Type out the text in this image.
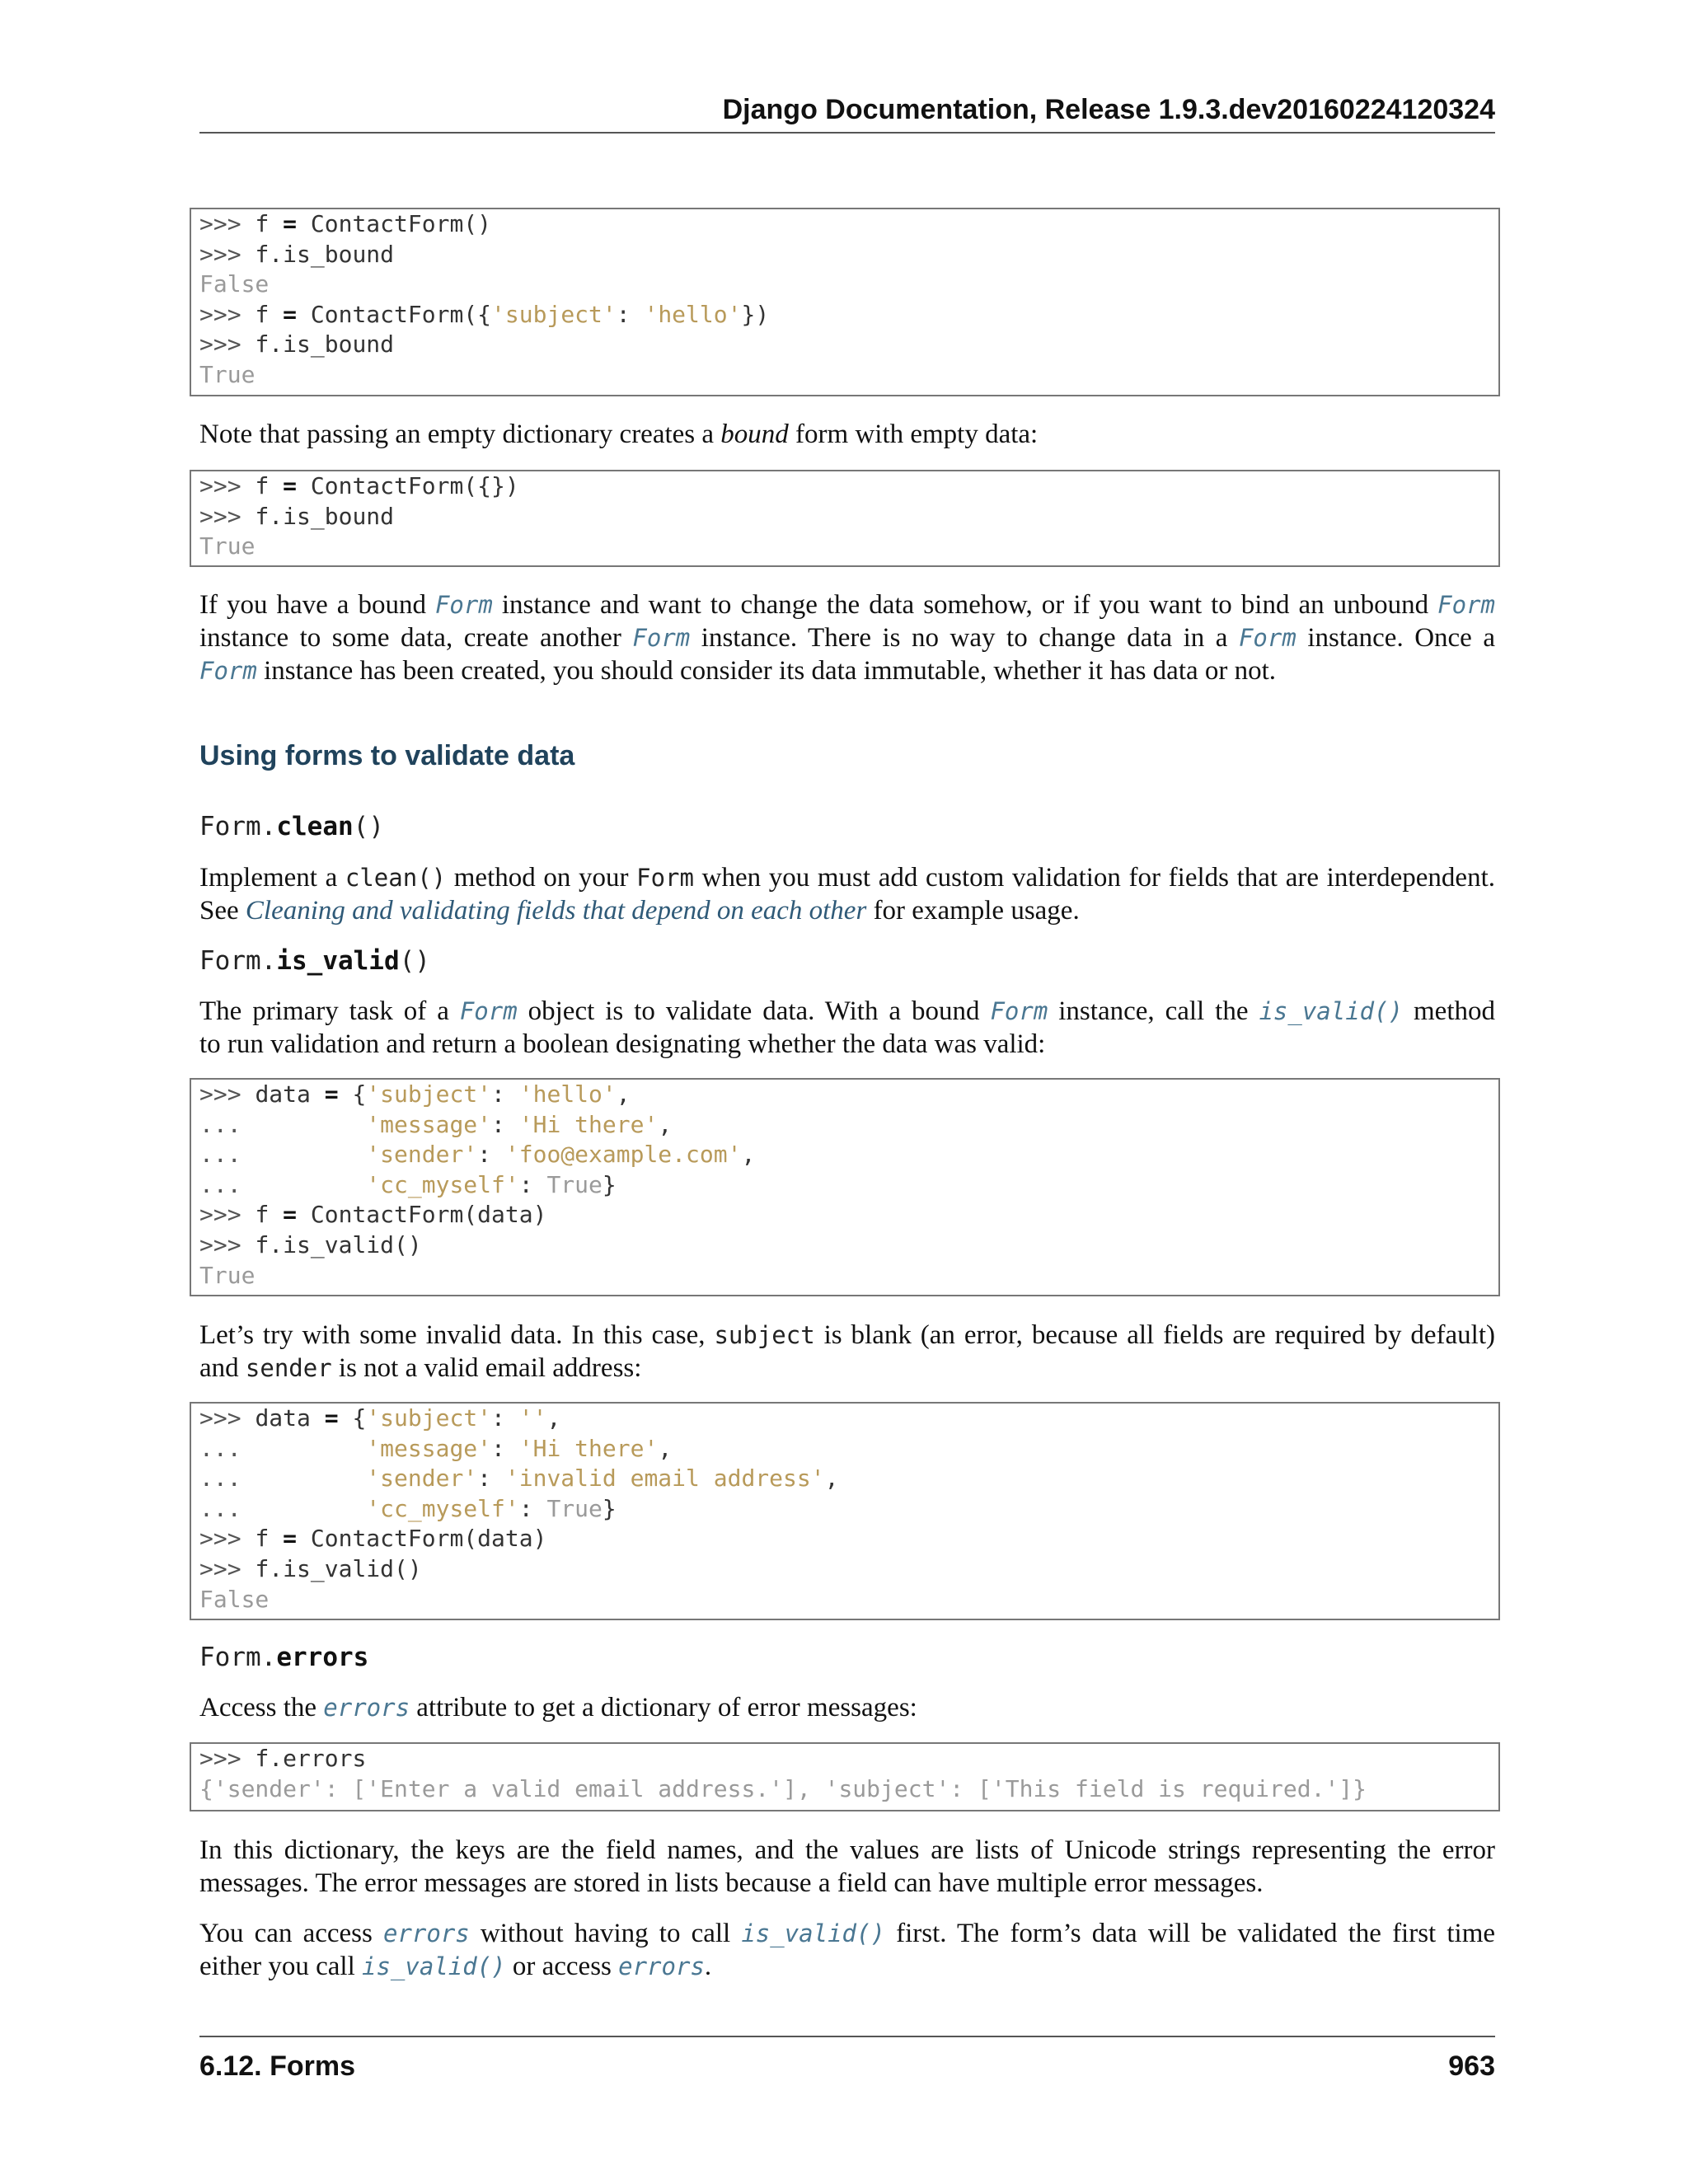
Django Documentation, Release 1.9.3.dev20160224120324
>>> f = ContactForm()
>>> f.is_bound
False
>>> f = ContactForm({'subject': 'hello'})
>>> f.is_bound
True
Note that passing an empty dictionary creates a bound form with empty data:
>>> f = ContactForm({})
>>> f.is_bound
True
If you have a bound Form instance and want to change the data somehow, or if you want to bind an unbound Form
instance to some data, create another Form instance. There is no way to change data in a Form instance. Once a
Form instance has been created, you should consider its data immutable, whether it has data or not.
Using forms to validate data
Form.clean()
Implement a clean() method on your Form when you must add custom validation for fields that are interdependent.
See Cleaning and validating fields that depend on each other for example usage.
Form.is_valid()
The primary task of a Form object is to validate data. With a bound Form instance, call the is_valid() method
to run validation and return a boolean designating whether the data was valid:
>>> data = {'subject': 'hello',
...         'message': 'Hi there',
...         'sender': 'foo@example.com',
...         'cc_myself': True}
>>> f = ContactForm(data)
>>> f.is_valid()
True
Let’s try with some invalid data. In this case, subject is blank (an error, because all fields are required by default)
and sender is not a valid email address:
>>> data = {'subject': '',
...         'message': 'Hi there',
...         'sender': 'invalid email address',
...         'cc_myself': True}
>>> f = ContactForm(data)
>>> f.is_valid()
False
Form.errors
Access the errors attribute to get a dictionary of error messages:
>>> f.errors
{'sender': ['Enter a valid email address.'], 'subject': ['This field is required.']}
In this dictionary, the keys are the field names, and the values are lists of Unicode strings representing the error
messages. The error messages are stored in lists because a field can have multiple error messages.
You can access errors without having to call is_valid() first. The form’s data will be validated the first time
either you call is_valid() or access errors.
6.12. Forms	963
